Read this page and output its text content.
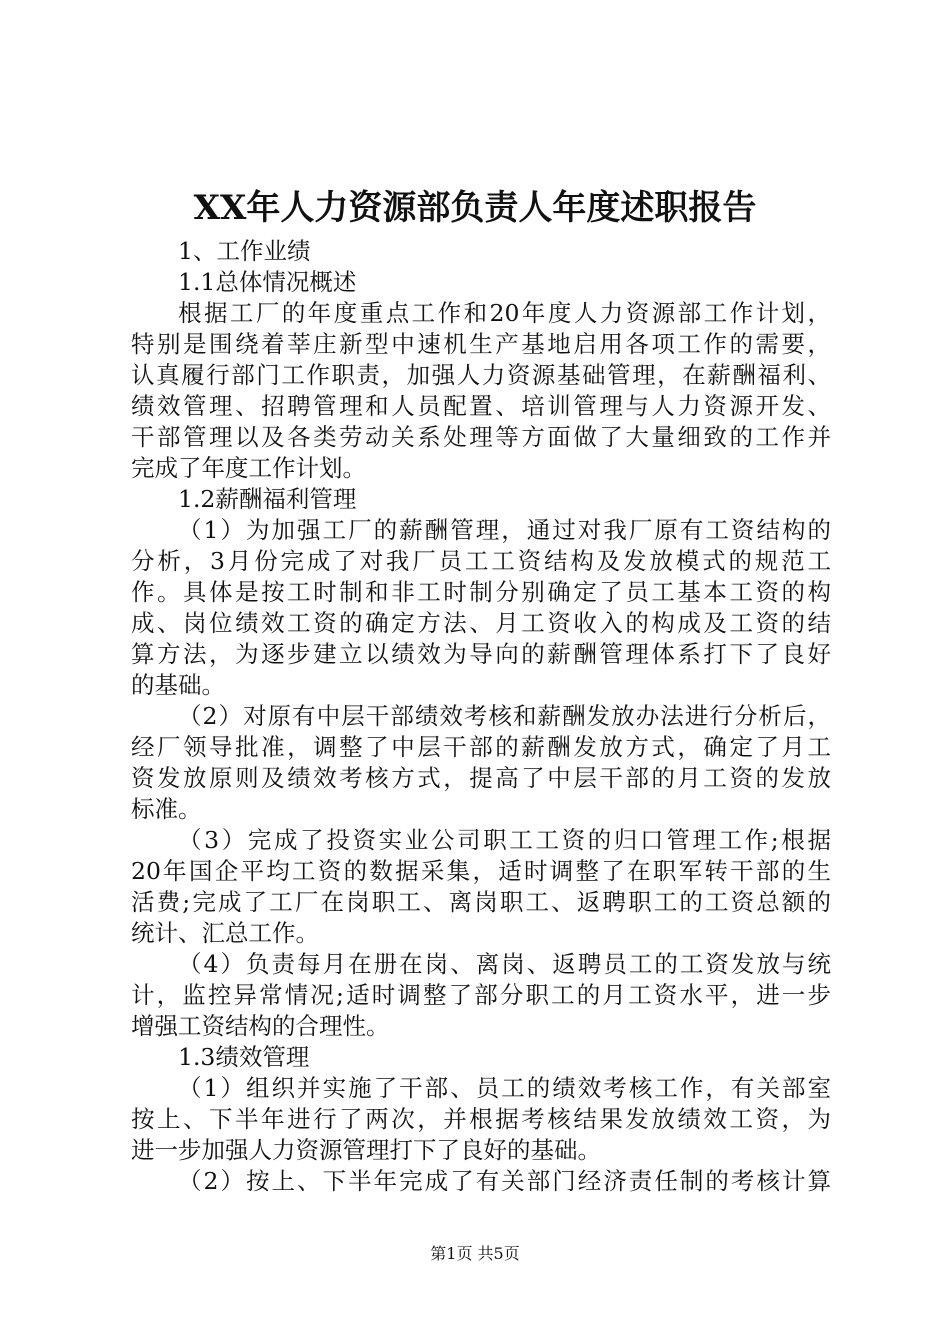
XX年人力资源部负责人年度述职报告
1、工作业绩
1.1总体情况概述
根据工厂的年度重点工作和20年度人力资源部工作计划，
特别是围绕着莘庄新型中速机生产基地启用各项工作的需要，
认真履行部门工作职责，加强人力资源基础管理，在薪酬福利、
绩效管理、招聘管理和人员配置、培训管理与人力资源开发、
干部管理以及各类劳动关系处理等方面做了大量细致的工作并
完成了年度工作计划。
1.2薪酬福利管理
（1）为加强工厂的薪酬管理，通过对我厂原有工资结构的
分析，3月份完成了对我厂员工工资结构及发放模式的规范工
作。具体是按工时制和非工时制分别确定了员工基本工资的构
成、岗位绩效工资的确定方法、月工资收入的构成及工资的结
算方法，为逐步建立以绩效为导向的薪酬管理体系打下了良好
的基础。
（2）对原有中层干部绩效考核和薪酬发放办法进行分析后，
经厂领导批准，调整了中层干部的薪酬发放方式，确定了月工
资发放原则及绩效考核方式，提高了中层干部的月工资的发放
标准。
（3）完成了投资实业公司职工工资的归口管理工作;根据
20年国企平均工资的数据采集，适时调整了在职军转干部的生
活费;完成了工厂在岗职工、离岗职工、返聘职工的工资总额的
统计、汇总工作。
（4）负责每月在册在岗、离岗、返聘员工的工资发放与统
计，监控异常情况;适时调整了部分职工的月工资水平，进一步
增强工资结构的合理性。
1.3绩效管理
（1）组织并实施了干部、员工的绩效考核工作，有关部室
按上、下半年进行了两次，并根据考核结果发放绩效工资，为
进一步加强人力资源管理打下了良好的基础。
（2）按上、下半年完成了有关部门经济责任制的考核计算
第1页 共5页
